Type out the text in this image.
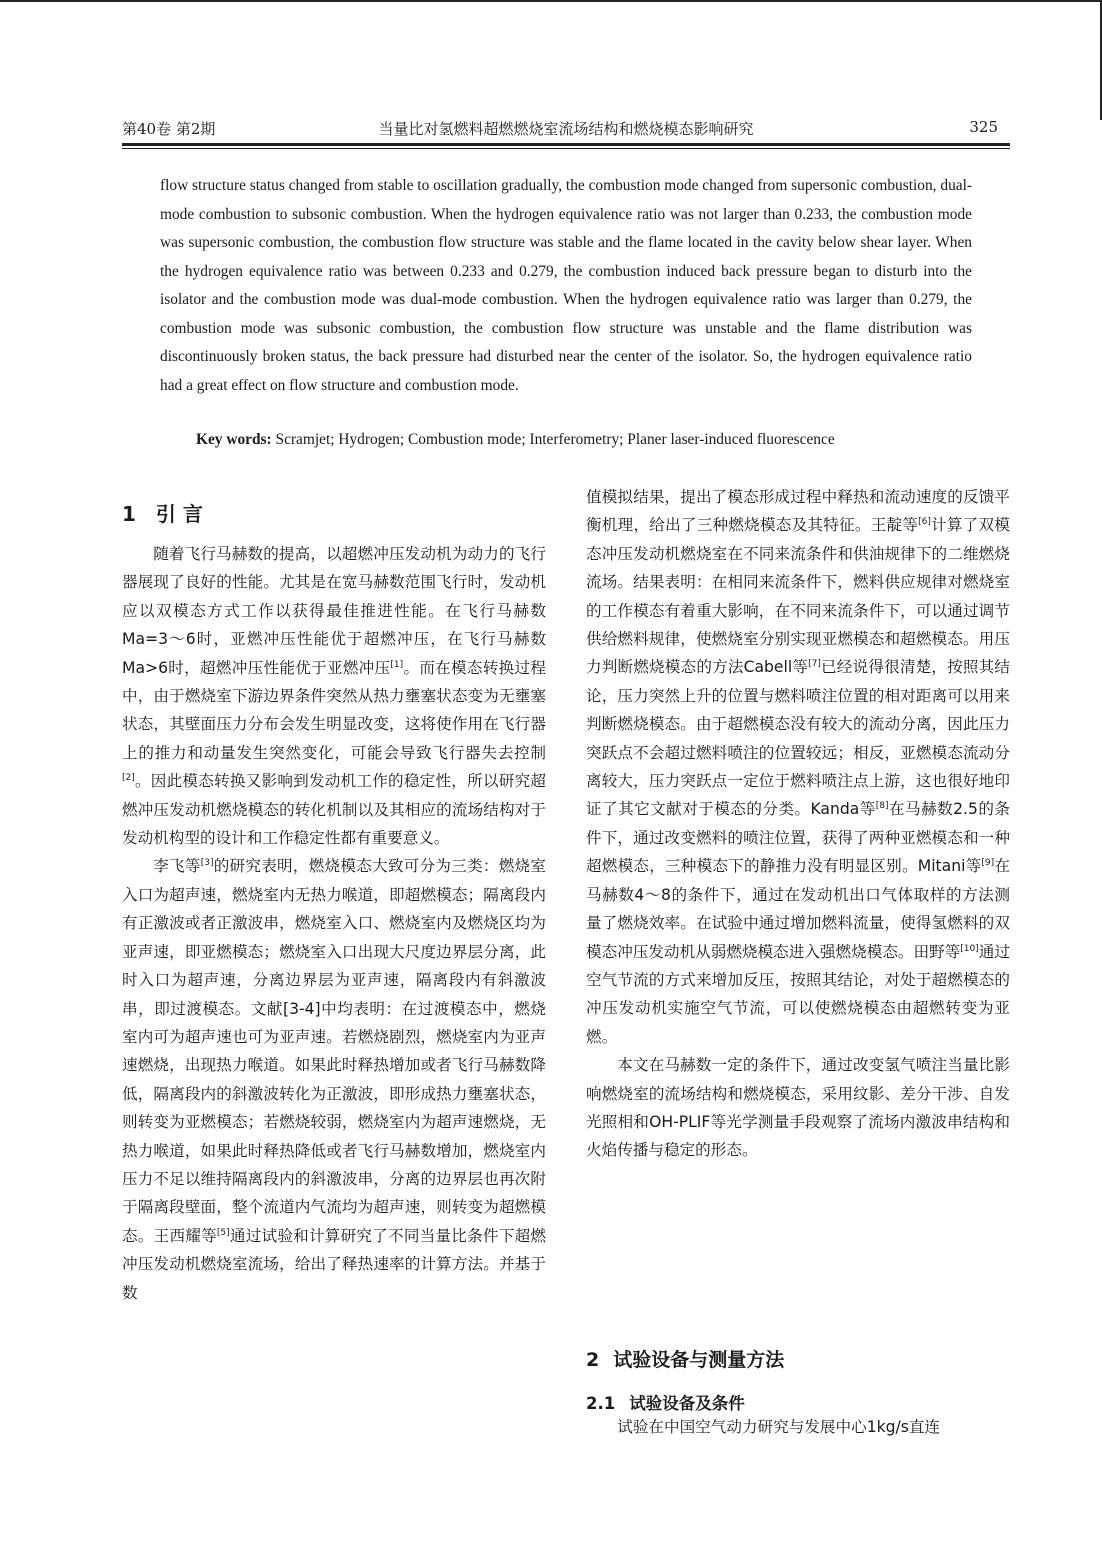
第40卷 第2期	当量比对氢燃料超燃燃烧室流场结构和燃烧模态影响研究	325

flow structure status changed from stable to oscillation gradually, the combustion mode changed from supersonic combustion, dual-mode combustion to subsonic combustion. When the hydrogen equivalence ratio was not larger than 0.233, the combustion mode was supersonic combustion, the combustion flow structure was stable and the flame located in the cavity below shear layer. When the hydrogen equivalence ratio was between 0.233 and 0.279, the combustion induced back pressure began to disturb into the isolator and the combustion mode was dual-mode combustion. When the hydrogen equivalence ratio was larger than 0.279, the combustion mode was subsonic combustion, the combustion flow structure was unstable and the flame distribution was discontinuously broken status, the back pressure had disturbed near the center of the isolator. So, the hydrogen equivalence ratio had a great effect on flow structure and combustion mode.

Key words: Scramjet; Hydrogen; Combustion mode; Interferometry; Planer laser-induced fluorescence
1 引 言

随着飞行马赫数的提高，以超燃冲压发动机为动力的飞行器展现了良好的性能。尤其是在宽马赫数范围飞行时，发动机应以双模态方式工作以获得最佳推进性能。在飞行马赫数Ma=3～6时，亚燃冲压性能优于超燃冲压，在飞行马赫数Ma>6时，超燃冲压性能优于亚燃冲压[1]。而在模态转换过程中，由于燃烧室下游边界条件突然从热力壅塞状态变为无壅塞状态，其壁面压力分布会发生明显改变，这将使作用在飞行器上的推力和动量发生突然变化，可能会导致飞行器失去控制[2]。因此模态转换又影响到发动机工作的稳定性，所以研究超燃冲压发动机燃烧模态的转化机制以及其相应的流场结构对于发动机构型的设计和工作稳定性都有重要意义。

李飞等[3]的研究表明，燃烧模态大致可分为三类：燃烧室入口为超声速，燃烧室内无热力喉道，即超燃模态；隔离段内有正激波或者正激波串，燃烧室入口、燃烧室内及燃烧区均为亚声速，即亚燃模态；燃烧室入口出现大尺度边界层分离，此时入口为超声速，分离边界层为亚声速，隔离段内有斜激波串，即过渡模态。文献[3-4]中均表明：在过渡模态中，燃烧室内可为超声速也可为亚声速。若燃烧剧烈，燃烧室内为亚声速燃烧，出现热力喉道。如果此时释热增加或者飞行马赫数降低，隔离段内的斜激波转化为正激波，即形成热力壅塞状态，则转变为亚燃模态；若燃烧较弱，燃烧室内为超声速燃烧，无热力喉道，如果此时释热降低或者飞行马赫数增加，燃烧室内压力不足以维持隔离段内的斜激波串，分离的边界层也再次附于隔离段壁面，整个流道内气流均为超声速，则转变为超燃模态。王西耀等[5]通过试验和计算研究了不同当量比条件下超燃冲压发动机燃烧室流场，给出了释热速率的计算方法。并基于数

值模拟结果，提出了模态形成过程中释热和流动速度的反馈平衡机理，给出了三种燃烧模态及其特征。王靛等[6]计算了双模态冲压发动机燃烧室在不同来流条件和供油规律下的二维燃烧流场。结果表明：在相同来流条件下，燃料供应规律对燃烧室的工作模态有着重大影响，在不同来流条件下，可以通过调节供给燃料规律，使燃烧室分别实现亚燃模态和超燃模态。用压力判断燃烧模态的方法Cabell等[7]已经说得很清楚，按照其结论，压力突然上升的位置与燃料喷注位置的相对距离可以用来判断燃烧模态。由于超燃模态没有较大的流动分离，因此压力突跃点不会超过燃料喷注的位置较远；相反，亚燃模态流动分离较大，压力突跃点一定位于燃料喷注点上游，这也很好地印证了其它文献对于模态的分类。Kanda等[8]在马赫数2.5的条件下，通过改变燃料的喷注位置，获得了两种亚燃模态和一种超燃模态，三种模态下的静推力没有明显区别。Mitani等[9]在马赫数4～8的条件下，通过在发动机出口气体取样的方法测量了燃烧效率。在试验中通过增加燃料流量，使得氢燃料的双模态冲压发动机从弱燃烧模态进入强燃烧模态。田野等[10]通过空气节流的方式来增加反压，按照其结论，对处于超燃模态的冲压发动机实施空气节流，可以使燃烧模态由超燃转变为亚燃。

本文在马赫数一定的条件下，通过改变氢气喷注当量比影响燃烧室的流场结构和燃烧模态，采用纹影、差分干涉、自发光照相和OH-PLIF等光学测量手段观察了流场内激波串结构和火焰传播与稳定的形态。

2 试验设备与测量方法
2.1 试验设备及条件

试验在中国空气动力研究与发展中心1kg/s直连
